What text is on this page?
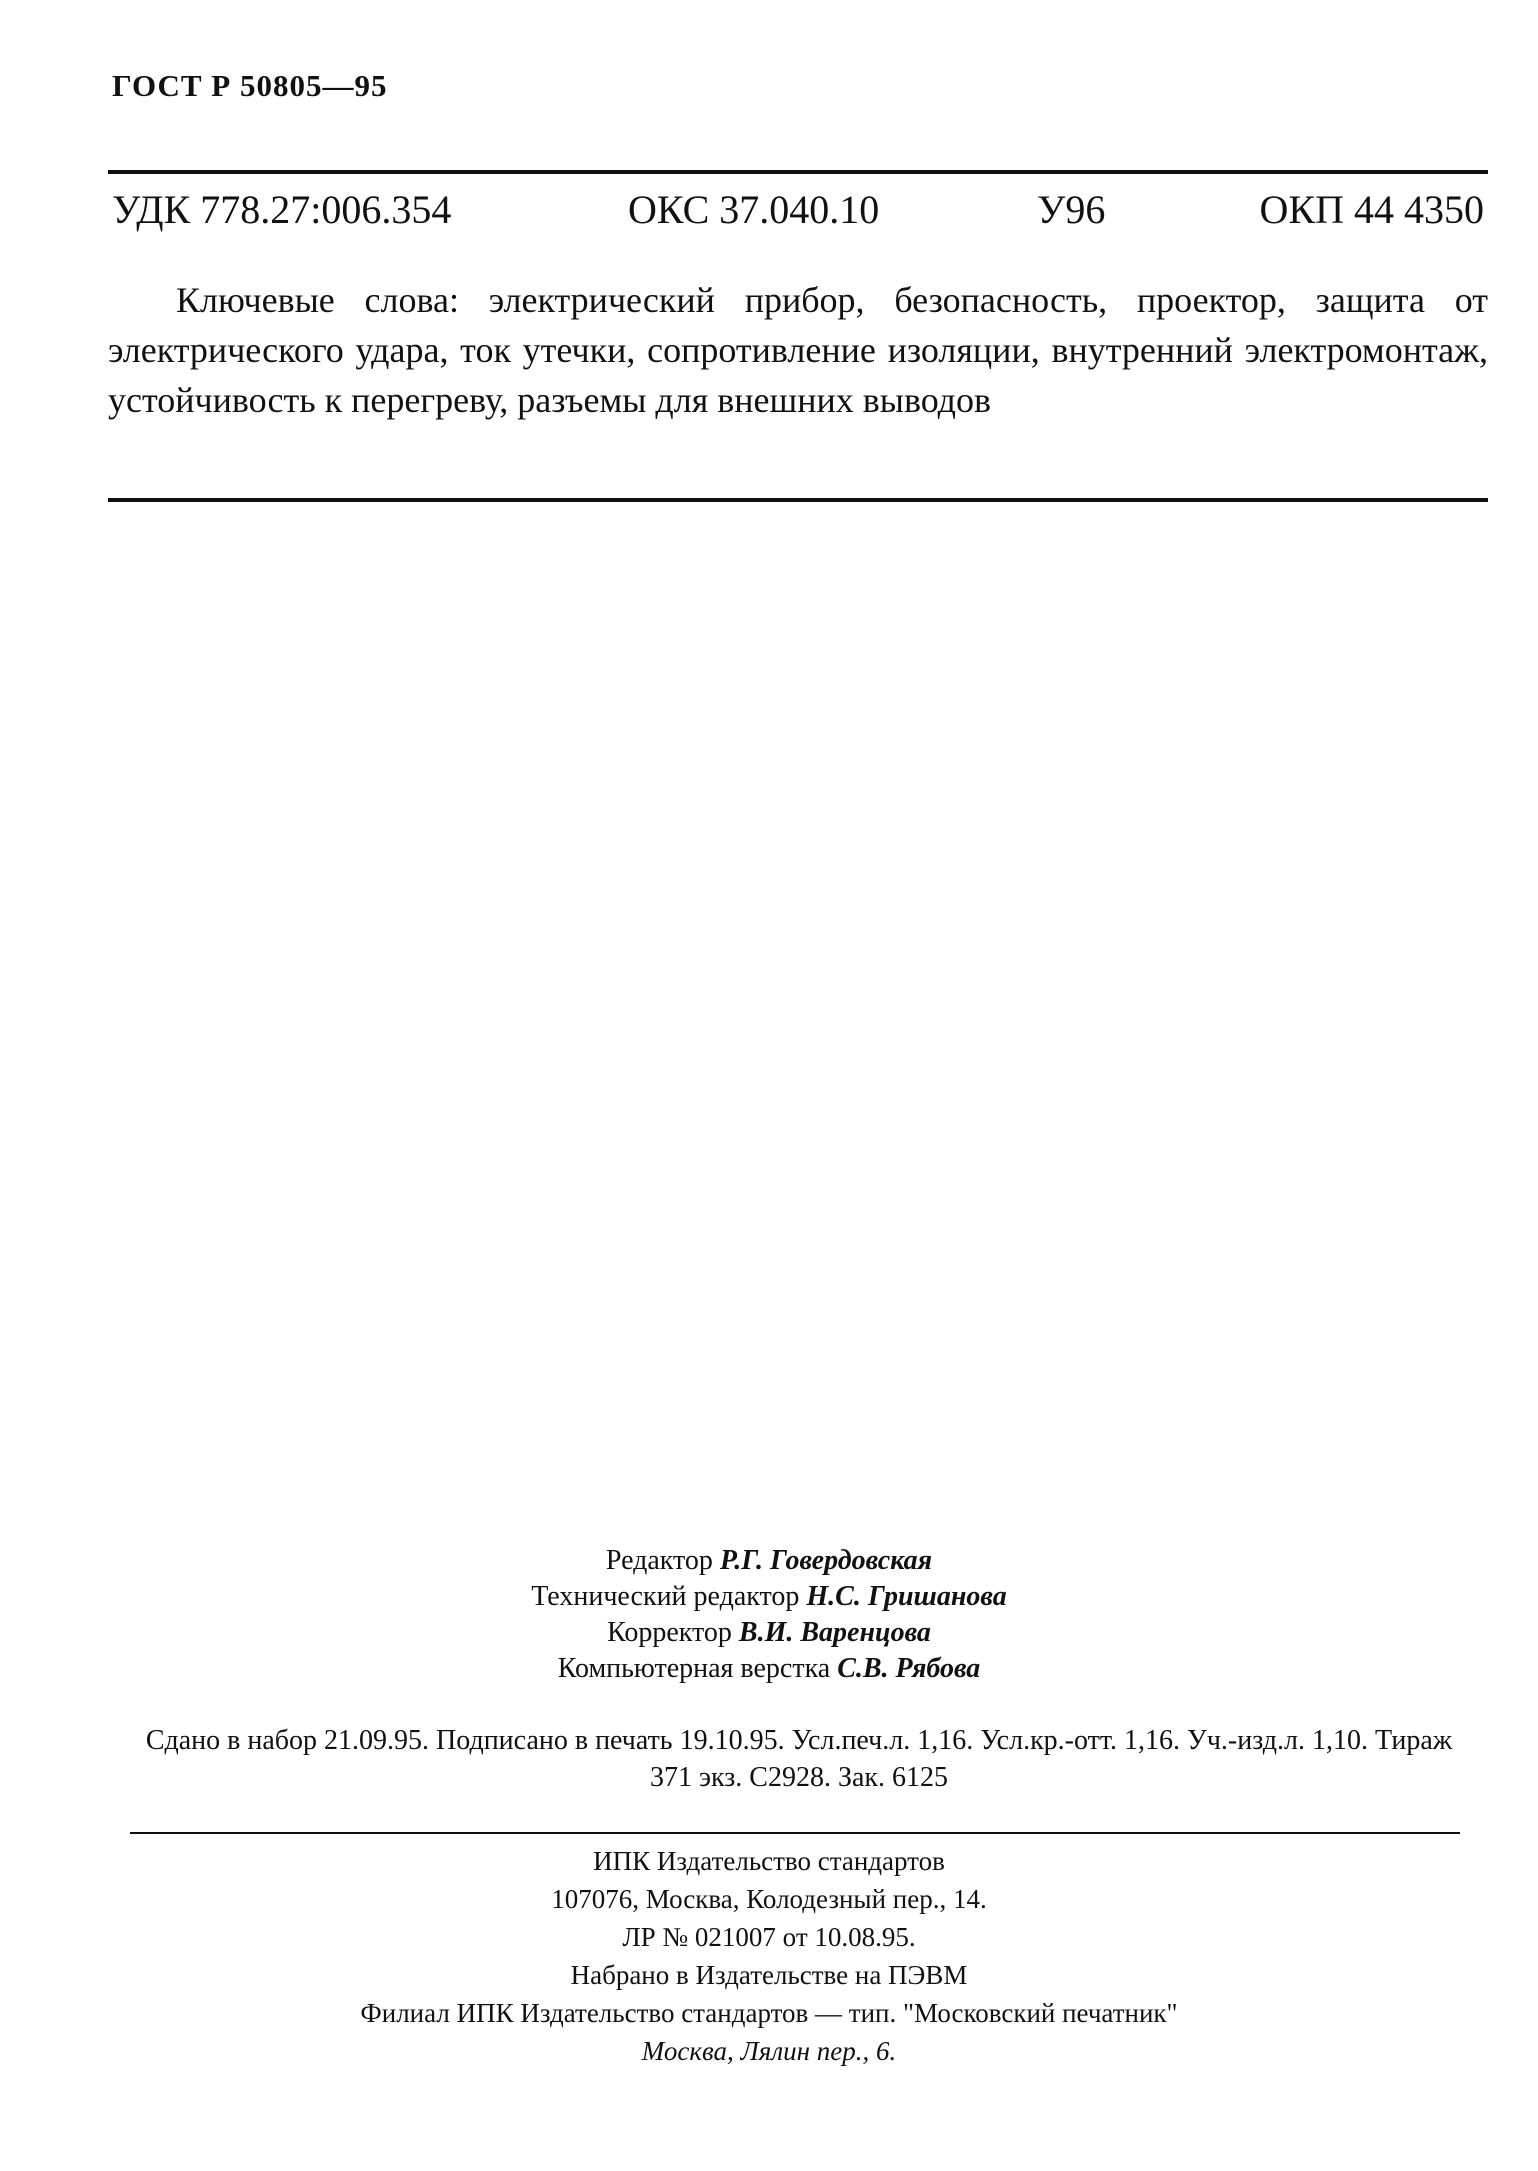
ГОСТ Р 50805—95
УДК 778.27:006.354	ОКС 37.040.10	У96	ОКП 44 4350

Ключевые слова: электрический прибор, безопасность, проектор, защита от электрического удара, ток утечки, сопротивление изоляции, внутренний электромонтаж, устойчивость к перегреву, разъемы для внешних выводов

Редактор Р.Г. Говердовская
Технический редактор Н.С. Гришанова
Корректор В.И. Варенцова
Компьютерная верстка С.В. Рябова
Сдано в набор 21.09.95. Подписано в печать 19.10.95. Усл.печ.л. 1,16. Усл.кр.-отт. 1,16. Уч.-изд.л. 1,10. Тираж 371 экз. С2928. Зак. 6125
ИПК Издательство стандартов
107076, Москва, Колодезный пер., 14.
ЛР № 021007 от 10.08.95.
Набрано в Издательстве на ПЭВМ
Филиал ИПК Издательство стандартов — тип. "Московский печатник"
Москва, Лялин пер., 6.
